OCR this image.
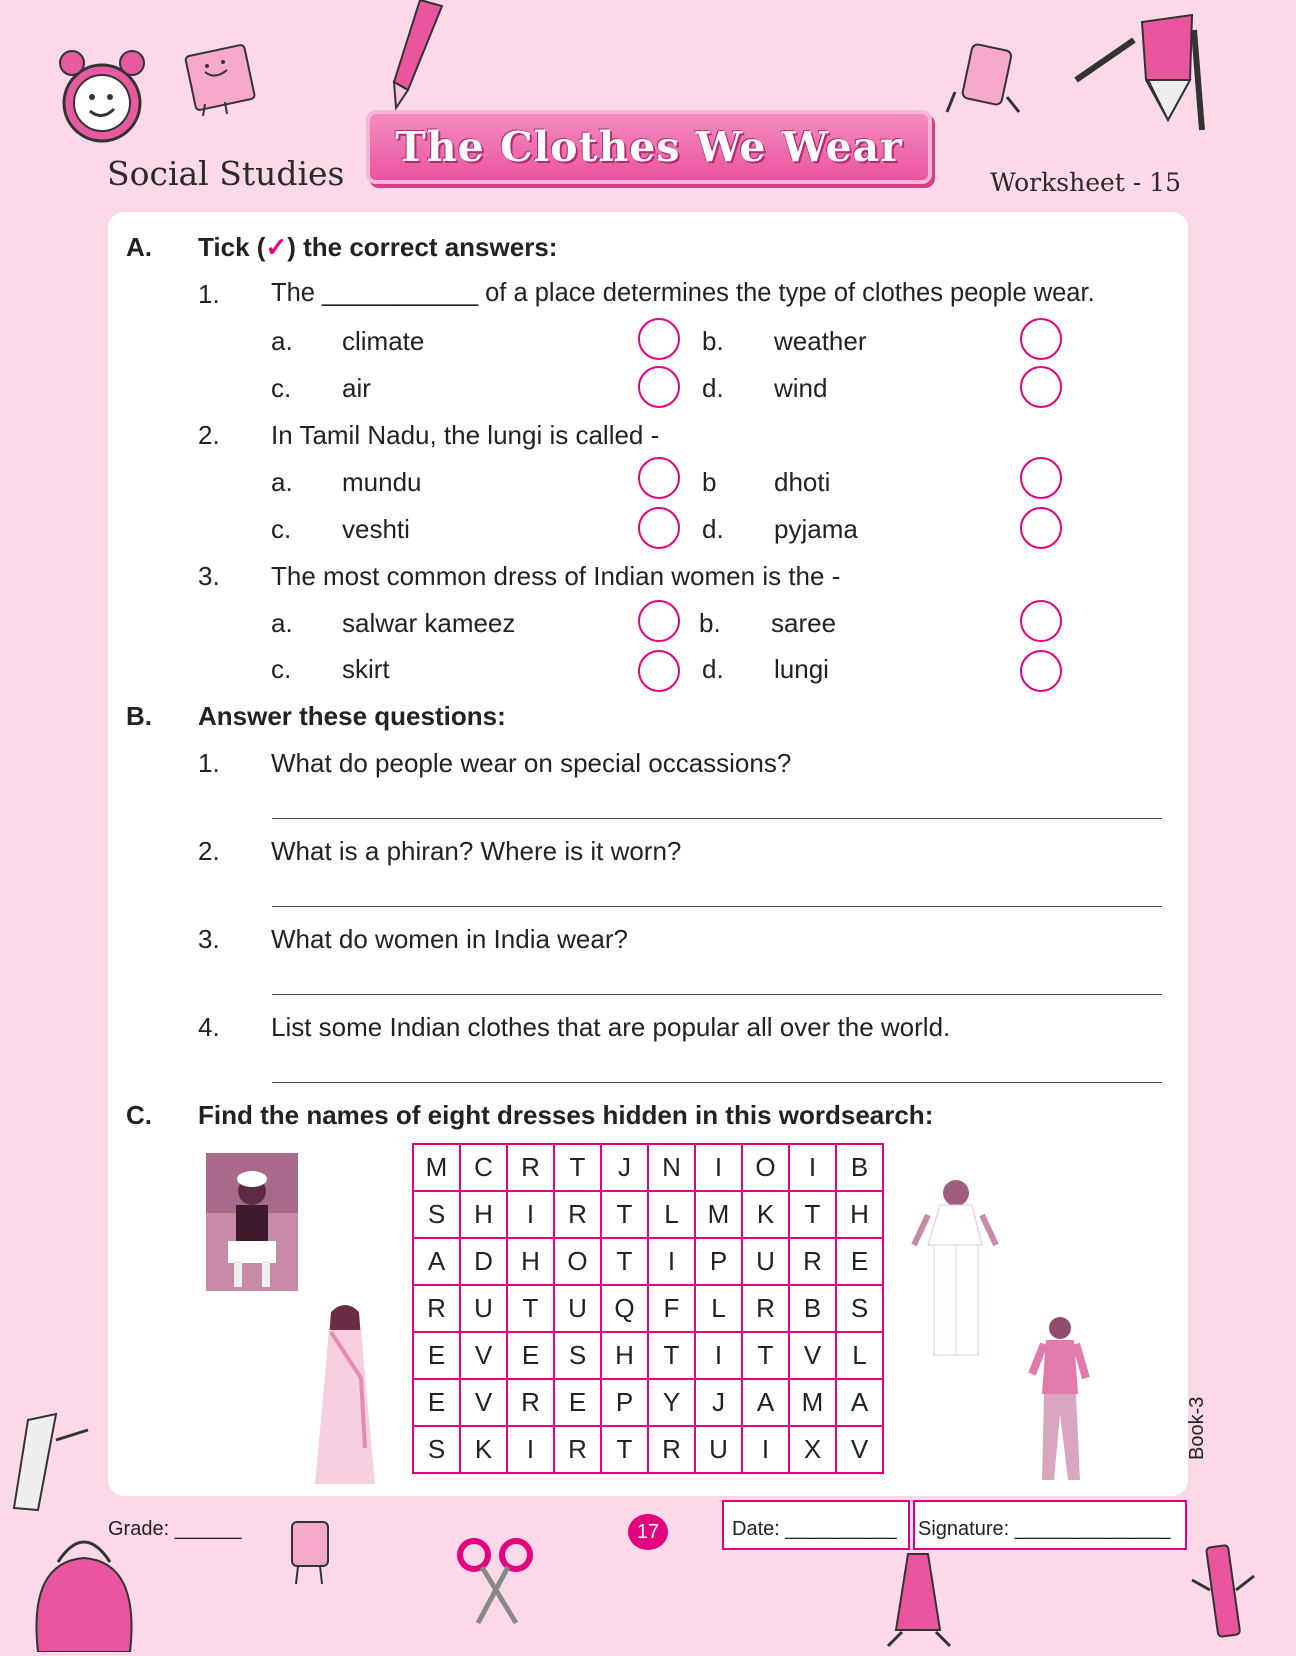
Social Studies
The Clothes We Wear
Worksheet - 15
A. Tick (✓) the correct answers:
1. The ___________ of a place determines the type of clothes people wear.
a. climate	b. weather
c. air	d. wind
2. In Tamil Nadu, the lungi is called -
a. mundu	b dhoti
c. veshti	d. pyjama
3. The most common dress of Indian women is the -
a. salwar kameez	b. saree
c. skirt	d. lungi
B. Answer these questions:
1. What do people wear on special occassions?
2. What is a phiran? Where is it worn?
3. What do women in India wear?
4. List some Indian clothes that are popular all over the world.
C. Find the names of eight dresses hidden in this wordsearch:
M	C	R	T	J	N	I	O	I	B
S	H	I	R	T	L	M	K	T	H
A	D	H	O	T	I	P	U	R	E
R	U	T	U	Q	F	L	R	B	S
E	V	E	S	H	T	I	T	V	L
E	V	R	E	P	Y	J	A	M	A
S	K	I	R	T	R	U	I	X	V	Book-3
Grade: ______	17	Date: __________ Signature: ______________
